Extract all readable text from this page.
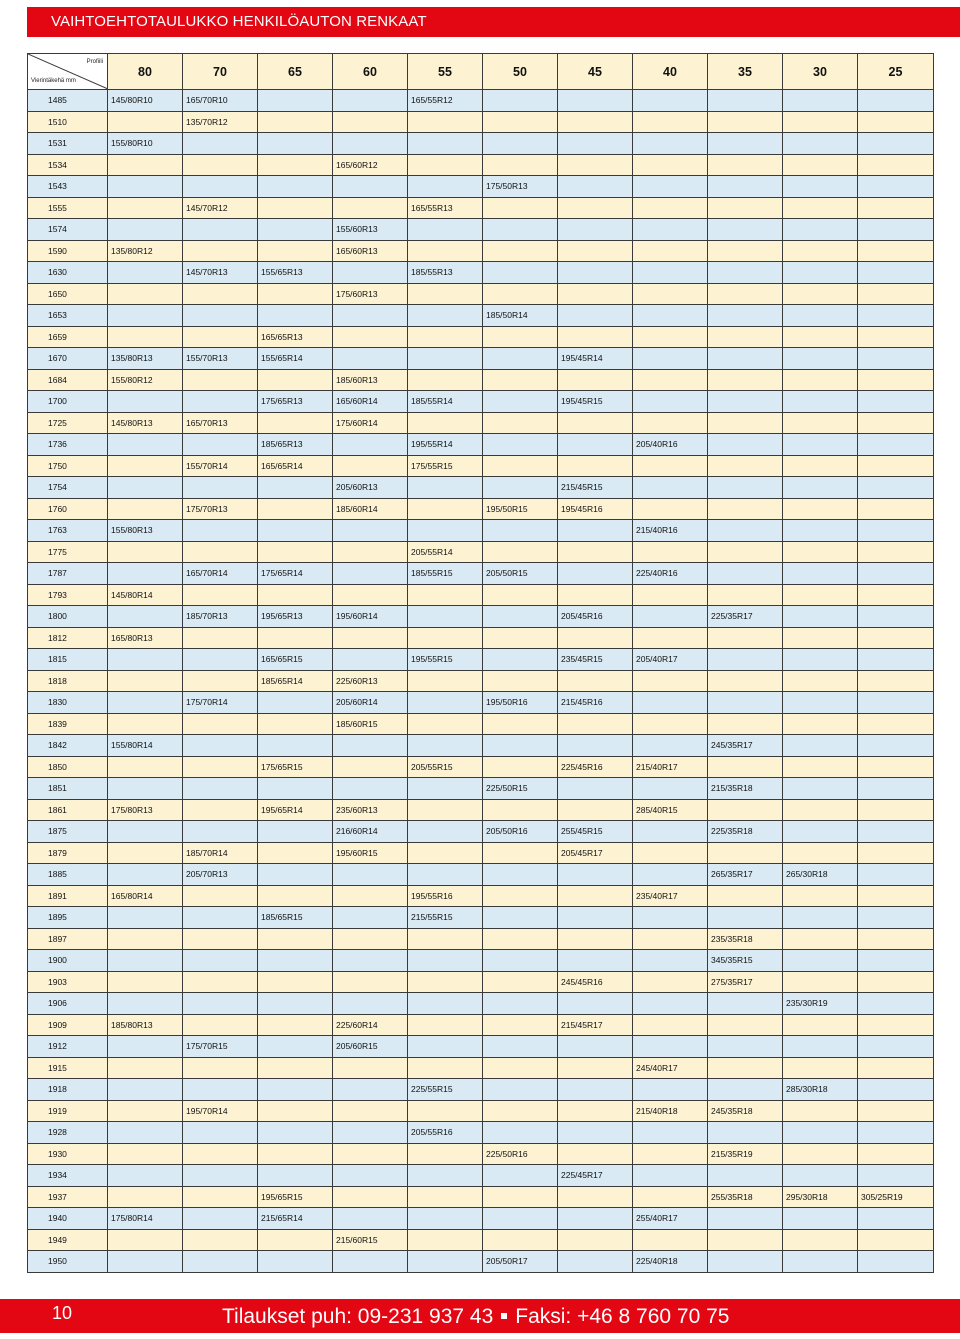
VAIHTOEHTOTAULUKKO HENKILÖAUTON RENKAAT
Profiili
Vierintäkehä mm	80	70	65	60	55	50	45	40	35	30	25
1485	145/80R10	165/70R10			165/55R12						
1510		135/70R12									
1531	155/80R10										
1534				165/60R12							
1543						175/50R13					
1555		145/70R12			165/55R13						
1574				155/60R13							
1590	135/80R12			165/60R13							
1630		145/70R13	155/65R13		185/55R13						
1650				175/60R13							
1653						185/50R14					
1659			165/65R13								
1670	135/80R13	155/70R13	155/65R14				195/45R14				
1684	155/80R12			185/60R13							
1700			175/65R13	165/60R14	185/55R14		195/45R15				
1725	145/80R13	165/70R13		175/60R14							
1736			185/65R13		195/55R14			205/40R16			
1750		155/70R14	165/65R14		175/55R15						
1754				205/60R13			215/45R15				
1760		175/70R13		185/60R14		195/50R15	195/45R16				
1763	155/80R13							215/40R16			
1775					205/55R14						
1787		165/70R14	175/65R14		185/55R15	205/50R15		225/40R16			
1793	145/80R14										
1800		185/70R13	195/65R13	195/60R14			205/45R16		225/35R17		
1812	165/80R13										
1815			165/65R15		195/55R15		235/45R15	205/40R17			
1818			185/65R14	225/60R13							
1830		175/70R14		205/60R14		195/50R16	215/45R16				
1839				185/60R15							
1842	155/80R14								245/35R17		
1850			175/65R15		205/55R15		225/45R16	215/40R17			
1851						225/50R15			215/35R18		
1861	175/80R13		195/65R14	235/60R13				285/40R15			
1875				216/60R14		205/50R16	255/45R15		225/35R18		
1879		185/70R14		195/60R15			205/45R17				
1885		205/70R13							265/35R17	265/30R18	
1891	165/80R14				195/55R16			235/40R17			
1895			185/65R15		215/55R15						
1897									235/35R18		
1900									345/35R15		
1903							245/45R16		275/35R17		
1906										235/30R19	
1909	185/80R13			225/60R14			215/45R17				
1912		175/70R15		205/60R15							
1915								245/40R17			
1918					225/55R15					285/30R18	
1919		195/70R14						215/40R18	245/35R18		
1928					205/55R16						
1930						225/50R16			215/35R19		
1934							225/45R17				
1937			195/65R15						255/35R18	295/30R18	305/25R19
1940	175/80R14		215/65R14					255/40R17			
1949				215/60R15							
1950						205/50R17		225/40R18			
10	Tilaukset puh: 09-231 937 43 Faksi: +46 8 760 70 75
